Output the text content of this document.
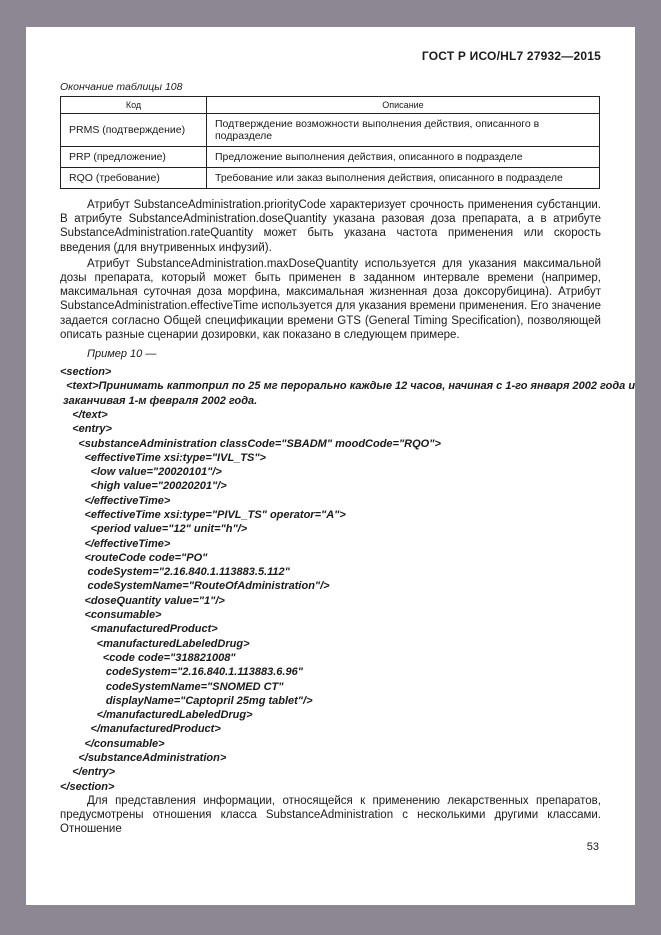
ГОСТ Р ИСО/HL7 27932—2015
Окончание таблицы 108
Код	Описание
PRMS (подтверждение)	Подтверждение возможности выполнения действия, описанного в подразделе
PRP (предложение)	Предложение выполнения действия, описанного в подразделе
RQO (требование)	Требование или заказ выполнения действия, описанного в подразделе

Атрибут SubstanceAdministration.priorityCode характеризует срочность применения субстанции. В атрибуте SubstanceAdministration.doseQuantity указана разовая доза препарата, а в атрибуте SubstanceAdministration.rateQuantity может быть указана частота применения или скорость введения (для внутривенных инфузий).

Атрибут SubstanceAdministration.maxDoseQuantity используется для указания максимальной дозы препарата, который может быть применен в заданном интервале времени (например, максимальная суточная доза морфина, максимальная жизненная доза доксорубицина). Атрибут SubstanceAdministration.effectiveTime используется для указания времени применения. Его значение задается согласно Общей спецификации времени GTS (General Timing Specification), позволяющей описать разные сценарии дозировки, как показано в следующем примере.

Пример 10 —

<section>
<text>Принимать каптоприл по 25 мг перорально каждые 12 часов, начиная с 1-го января 2002 года и
заканчивая 1-м февраля 2002 года.
</text>
<entry>
<substanceAdministration classCode="SBADM" moodCode="RQO">
<effectiveTime xsi:type="IVL_TS">
<low value="20020101"/>
<high value="20020201"/>
</effectiveTime>
<effectiveTime xsi:type="PIVL_TS" operator="A">
<period value="12" unit="h"/>
</effectiveTime>
<routeCode code="PO"
codeSystem="2.16.840.1.113883.5.112"
codeSystemName="RouteOfAdministration"/>
<doseQuantity value="1"/>
<consumable>
<manufacturedProduct>
<manufacturedLabeledDrug>
<code code="318821008"
codeSystem="2.16.840.1.113883.6.96"
codeSystemName="SNOMED CT"
displayName="Captopril 25mg tablet"/>
</manufacturedLabeledDrug>
</manufacturedProduct>
</consumable>
</substanceAdministration>
</entry>
</section>

Для представления информации, относящейся к применению лекарственных препаратов, предусмотрены отношения класса SubstanceAdministration с несколькими другими классами. Отношение

53
